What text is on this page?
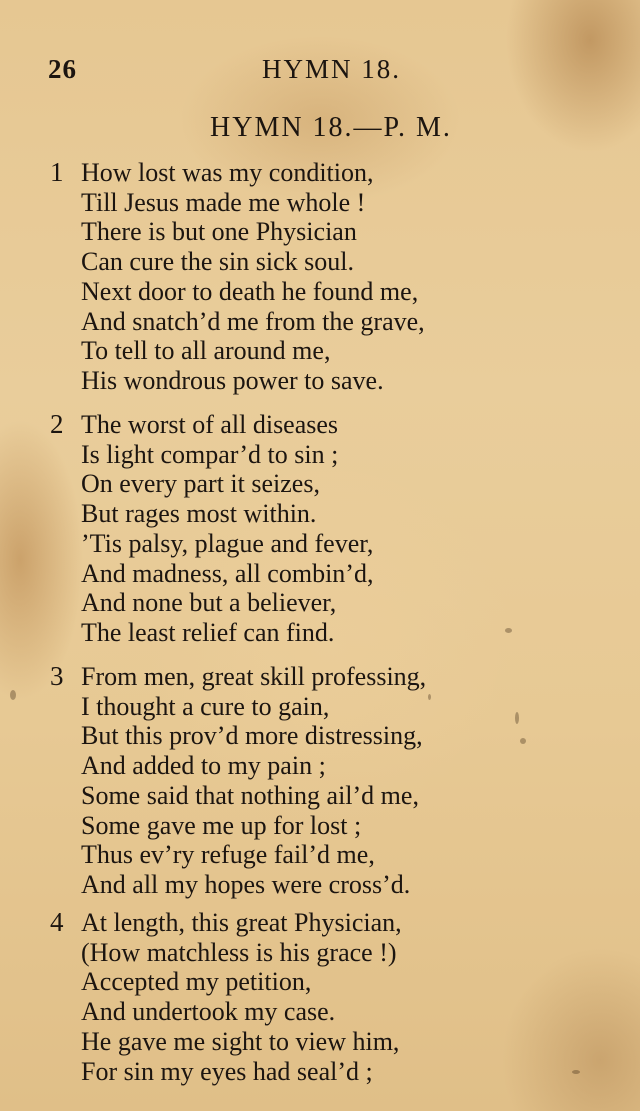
26	HYMN 18.
HYMN 18.—P. M.
1 How lost was my condition,
Till Jesus made me whole !
There is but one Physician
Can cure the sin sick soul.
Next door to death he found me,
And snatch’d me from the grave,
To tell to all around me,
His wondrous power to save.
2 The worst of all diseases
Is light compar’d to sin ;
On every part it seizes,
But rages most within.
’Tis palsy, plague and fever,
And madness, all combin’d,
And none but a believer,
The least relief can find.
3 From men, great skill professing,
I thought a cure to gain,
But this prov’d more distressing,
And added to my pain ;
Some said that nothing ail’d me,
Some gave me up for lost ;
Thus ev’ry refuge fail’d me,
And all my hopes were cross’d.
4 At length, this great Physician,
(How matchless is his grace !)
Accepted my petition,
And undertook my case.
He gave me sight to view him,
For sin my eyes had seal’d ;
